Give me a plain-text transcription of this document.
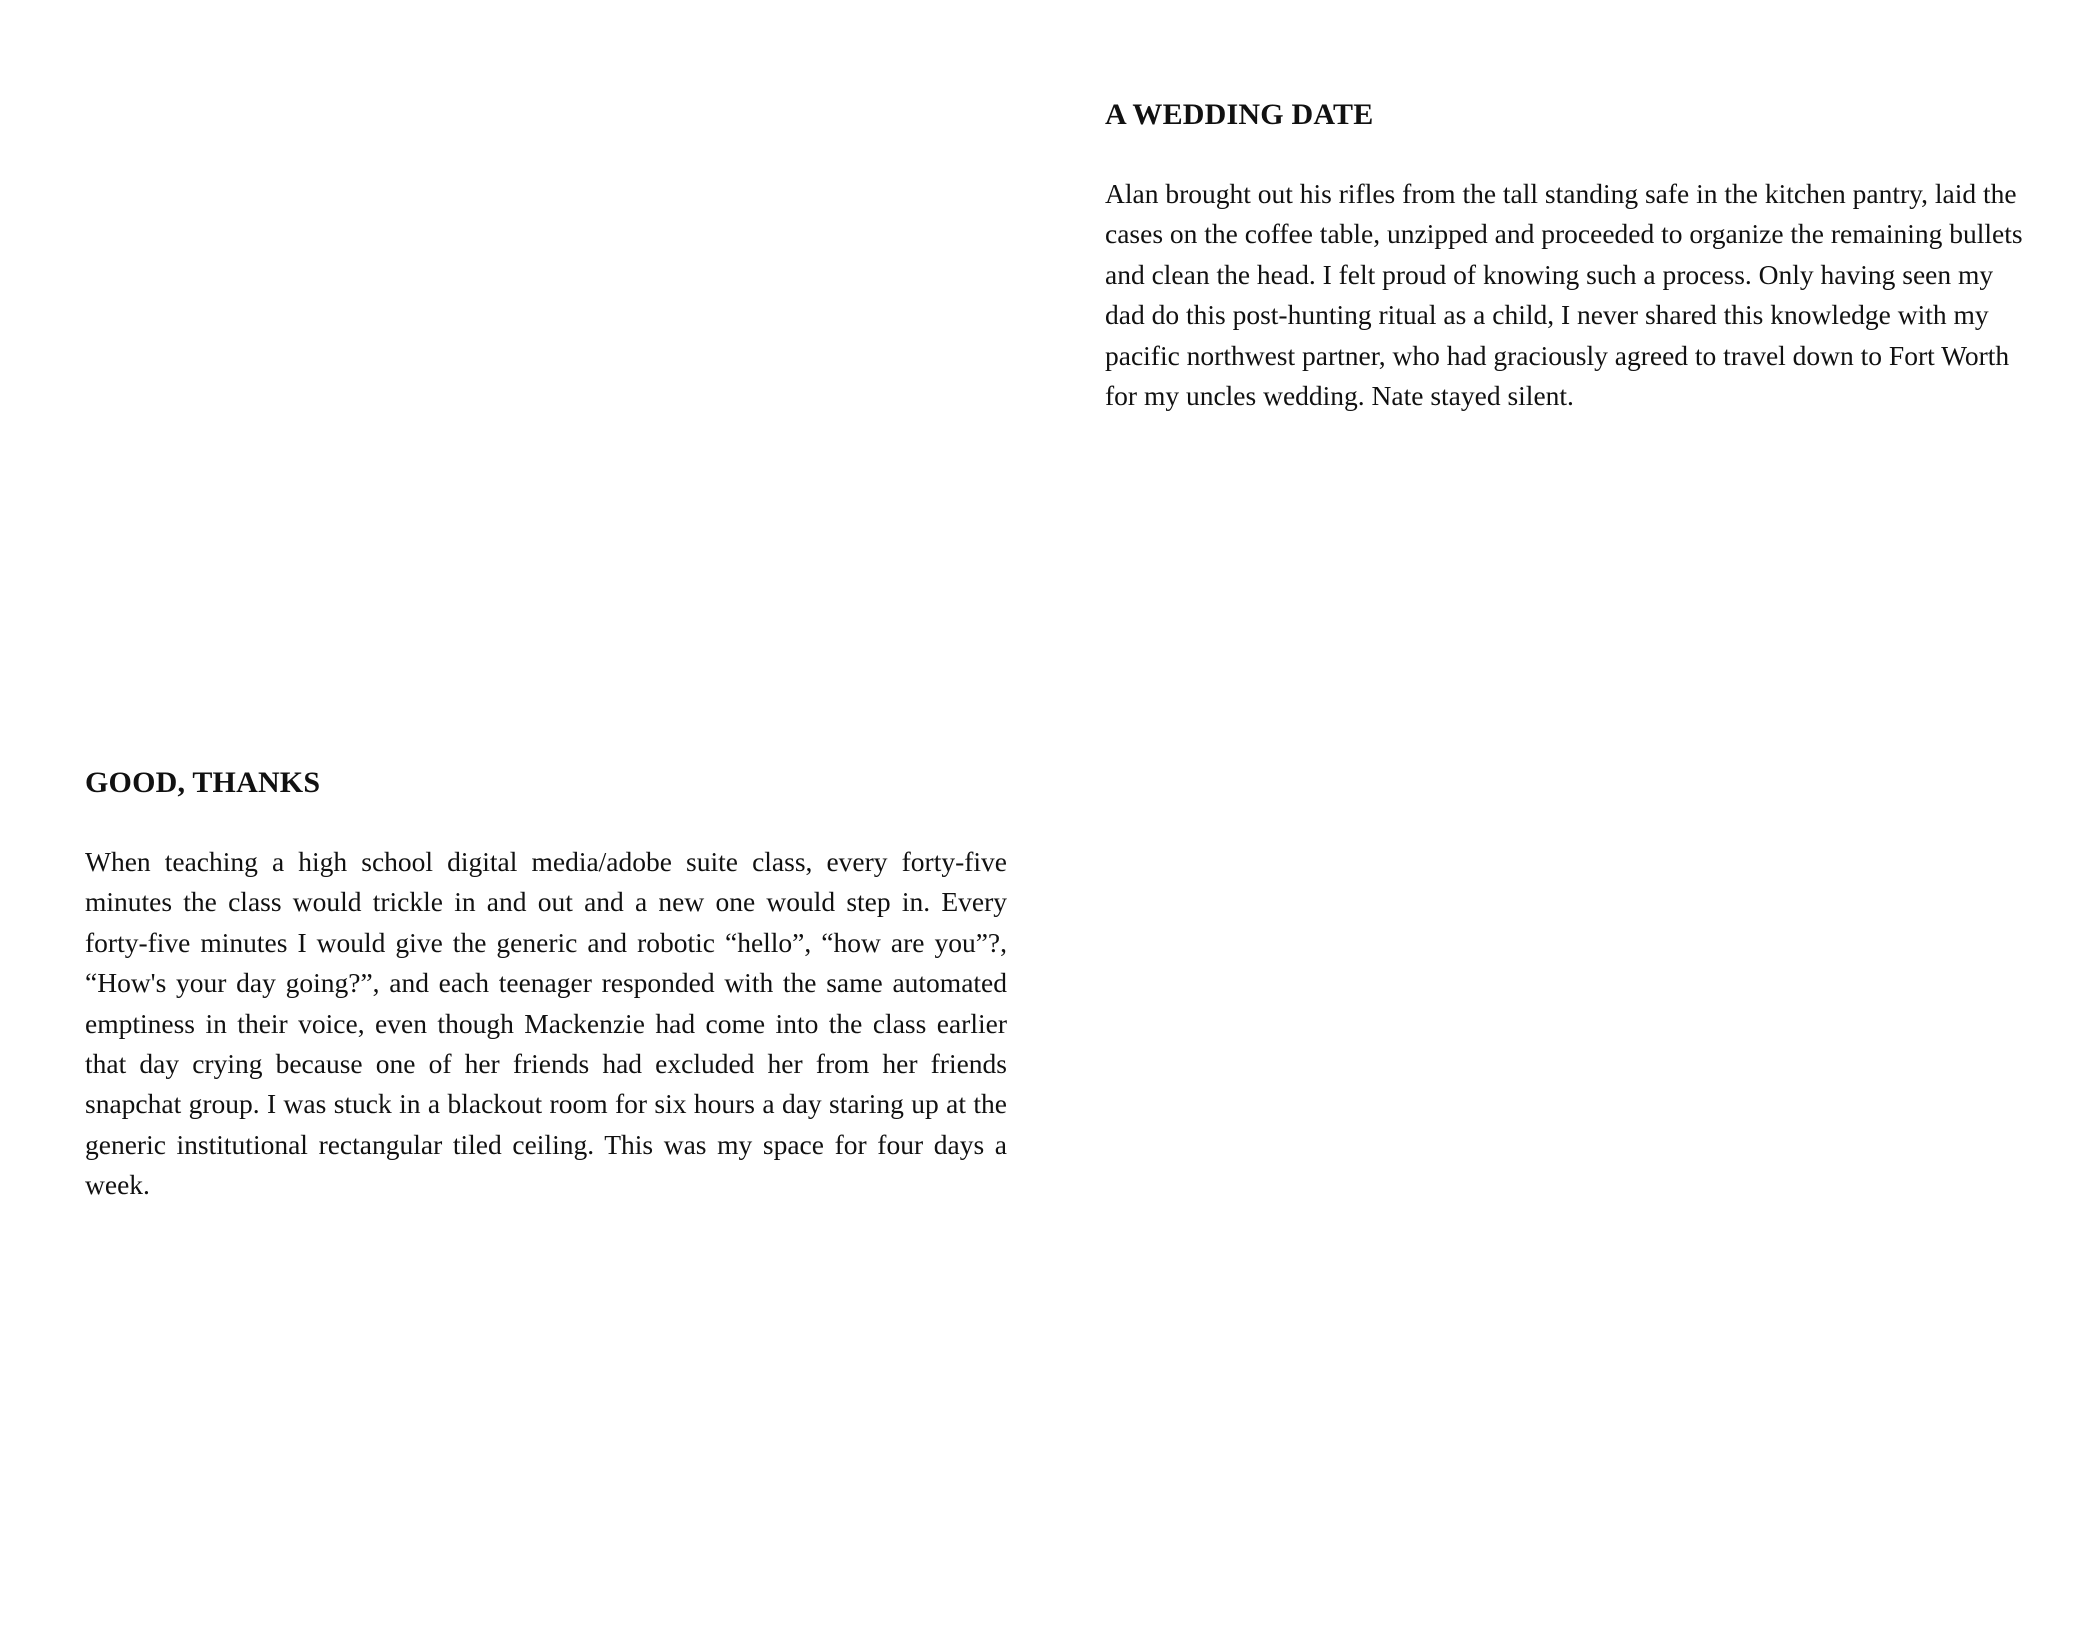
A WEDDING DATE

Alan brought out his rifles from the tall standing safe in the kitchen pantry, laid the cases on the coffee table, unzipped and proceeded to organize the remaining bullets and clean the head. I felt proud of knowing such a process. Only having seen my dad do this post-hunting ritual as a child, I never shared this knowledge with my pacific northwest partner, who had graciously agreed to travel down to Fort Worth for my uncles wedding. Nate stayed silent.

GOOD, THANKS

When teaching a high school digital media/adobe suite class, every forty-five minutes the class would trickle in and out and a new one would step in. Every forty-five minutes I would give the generic and robotic “hello”, “how are you”?, “How's your day going?”, and each teenager responded with the same automated emptiness in their voice, even though Mackenzie had come into the class earlier that day crying because one of her friends had excluded her from her friends snapchat group. I was stuck in a blackout room for six hours a day staring up at the generic institutional rectangular tiled ceiling. This was my space for four days a week.
